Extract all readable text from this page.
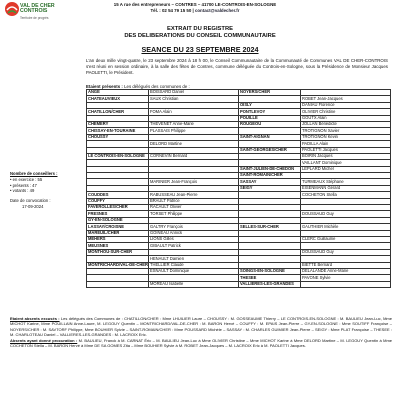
VAL DE CHER
CONTROIS
Territoire de progrès
15 A rue des entrepreneurs – CONTRES – 41700 LE-CONTROIS-EN-SOLOGNE
Tél. : 02 54 79 15 50 | contact@valdecher.fr
EXTRAIT DU REGISTRE
DES DELIBERATIONS DU CONSEIL COMMUNAUTAIRE
SEANCE DU 23 SEPTEMBRE 2024
L'an deux mille vingt-quatre, le 23 septembre 2024 à 18 h 00, le Conseil Communautaire de la Communauté de Communes VAL DE CHER-CONTROIS s'est réuni en session ordinaire, à la salle des fêtes de Contres, commune déléguée du Controis-en-Sologne, sous la Présidence de Monsieur Jacques PAOLETTI, le Président.
Etaient présents : Les délégués des communes de :
ANGE	BOISSARD Daniel	NOYERS/CHER	
CHATEAUVIEUX	SAUX Christian		ROBET Jean-Jacques
		OISLY	DANIAU Florence
CHATILLON/CHER	FOMA Alain	PONTLEVOY	OLIVIER Christine
		POUILLE	GOUTX Alain
CHEMERY	THEVENET Anne-Marie	ROUGEOU	JOLLAN Bénédicte
CHISSAY-EN-TOURAINE	PLASSAIS Philippe		TROTIGNON Xavier
CHOUSSY		SAINT-AIGNAN	TROTIGNON Kevin
	DELORD Martine		PADILLA Alain
		SAINT-GEORGES/CHER	PAOLETTI Jacques
LE CONTROIS-EN-SOLOGNE	CORNEVIN Bernard		BOIRIN Jacques
			VAILLANT Dominique
		SAINT-JULIEN-DE-CHEDON	LEPLARD Michel
		SAINT-ROMAIN/CHER	
	MARINIER Jean-François	SASSAY	TURMEAUX Stéphane
		SEIGY	EISENMANN Gérard
COUDDES	RABUSSEAU Jean-Pierre		COCHETON Stella
COUFFY	BRAULT Patrice		
FAVEROLLES/CHER	RACAULT Olivier		
FRESNES	TORSET Philippe		DOUSSAUD Guy
GY-EN-SOLOGNE			
LASSAY/CROISNE	GALTRY François	SELLES-SUR-CHER	GAUTHIER Michèle
MAREUIL/CHER	GOINEAU Annick		
MEHERS	LIONS Gilles		CLERC Guillaume
MEUSNES	GIBAULT Patrick		
MONTHOU-SUR-CHER			DOUSSAUD Guy
	HENAULT Damien		
MONTRICHARD/VAL-DE-CHER	THELLIER Claude		BIETTE Bernard
	ESNAULT Dominique	SOINGS-EN-SOLOGNE	DELALANDE Anne-Marie
		THESEE	PAVONE Sylvie
	MOREAU Isabelle	VALLIERES-LES-GRANDES	
Nombre de conseillers :
• en exercice : 55
• présents : 47
• votants : 49
Date de convocation :
17-09-2024

Etaient absents excusés : Les délégués des Communes de : CHATILLON/CHER : Mme LHUILIER Laure – CHOUSSY : M. GOSSEAUME Thierry – LE CONTROIS-EN-SOLOGNE : M. BAULIEU Jean-Luc, Mme MICHOT Karine, Mme POUILLAIN Anne-Laure, M. LEGOUY Quentin – MONTRICHARD/VAL-DE-CHER : M. BARON Hervé – COUFFY : M. EPAIS Jean-Pierre – GY-EN-SOLOGNE : Mme SOUTIFF Françoise – NOYERS/CHER : M. SAVTORF Philippe, Mme BOUHIER Sylvie – SAINT-ROMAIN/CHER : Mme POUSSARD Michèle – SASSAY : M. CHARLES GUIMIER Jean-Pierre – SEIGY : Mme PLAT Françoise – THESEE : M. CHARLOTEAU Daniel – VALLIERES-LES-GRANDES : M. LACROIX Eric.

Absents ayant donné procuration : M. BAULIEU, Franck à M. CARNAT Éric – M. BAULIEU Jean-Luc à Mme OLIVIER Christine – Mme MICHOT Karine à Mme DELORD Martine – M. LEGOUY Quentin à Mme COCHETON Stella – M. BARON Hervé à Mme DE SA GOMES Zita – Mme BOUHIER Sylvie à M. ROBET Jean-Jacques – M. LACROIX Eric à M. PAOLETTI Jacques.
